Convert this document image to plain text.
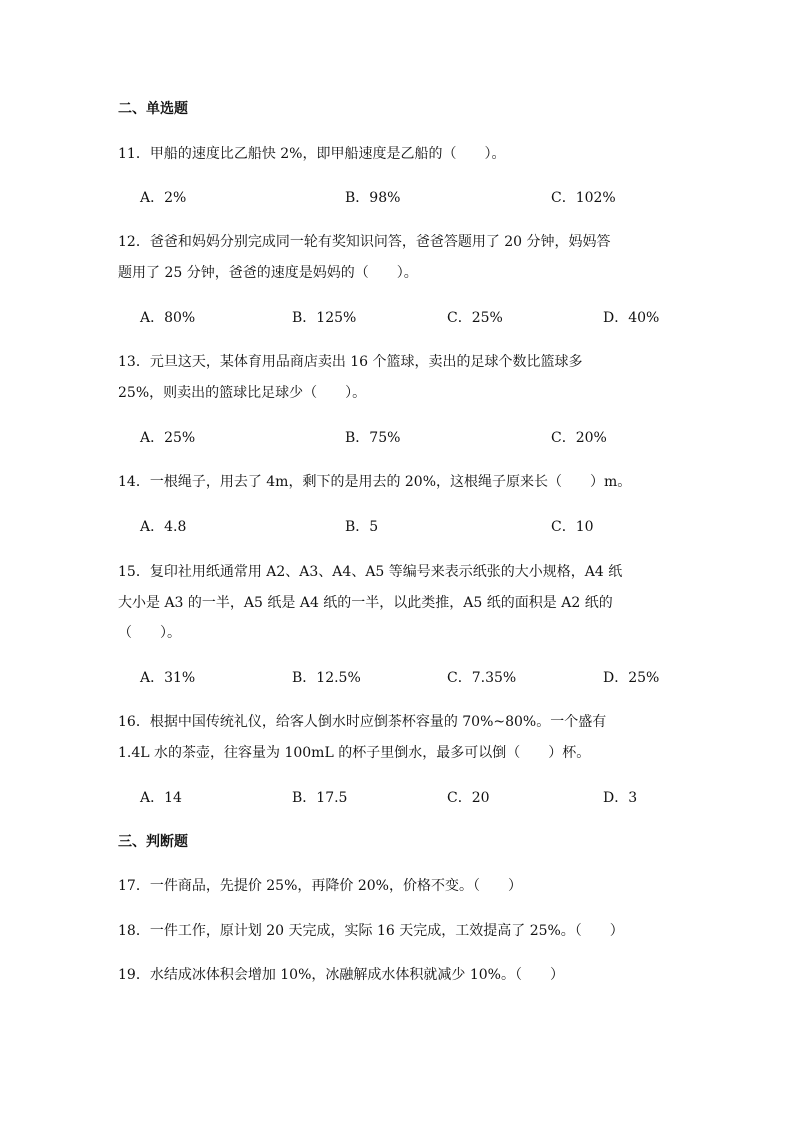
二、单选题
11．甲船的速度比乙船快 2%，即甲船速度是乙船的（　　）。
A．2%	B．98%	C．102%
12．爸爸和妈妈分别完成同一轮有奖知识问答，爸爸答题用了 20 分钟，妈妈答
题用了 25 分钟，爸爸的速度是妈妈的（　　）。
A．80%	B．125%	C．25%	D．40%
13．元旦这天，某体育用品商店卖出 16 个篮球，卖出的足球个数比篮球多
25%，则卖出的篮球比足球少（　　）。
A．25%	B．75%	C．20%
14．一根绳子，用去了 4m，剩下的是用去的 20%，这根绳子原来长（　　）m。
A．4.8	B．5	C．10
15．复印社用纸通常用 A2、A3、A4、A5 等编号来表示纸张的大小规格，A4 纸
大小是 A3 的一半，A5 纸是 A4 纸的一半，以此类推，A5 纸的面积是 A2 纸的
（　　）。
A．31%	B．12.5%	C．7.35%	D．25%
16．根据中国传统礼仪，给客人倒水时应倒茶杯容量的 70%~80%。一个盛有
1.4L 水的茶壶，往容量为 100mL 的杯子里倒水，最多可以倒（　　）杯。
A．14	B．17.5	C．20	D．3
三、判断题
17．一件商品，先提价 25%，再降价 20%，价格不变。（　　）
18．一件工作，原计划 20 天完成，实际 16 天完成，工效提高了 25%。（　　）
19．水结成冰体积会增加 10%，冰融解成水体积就减少 10%。（　　）
